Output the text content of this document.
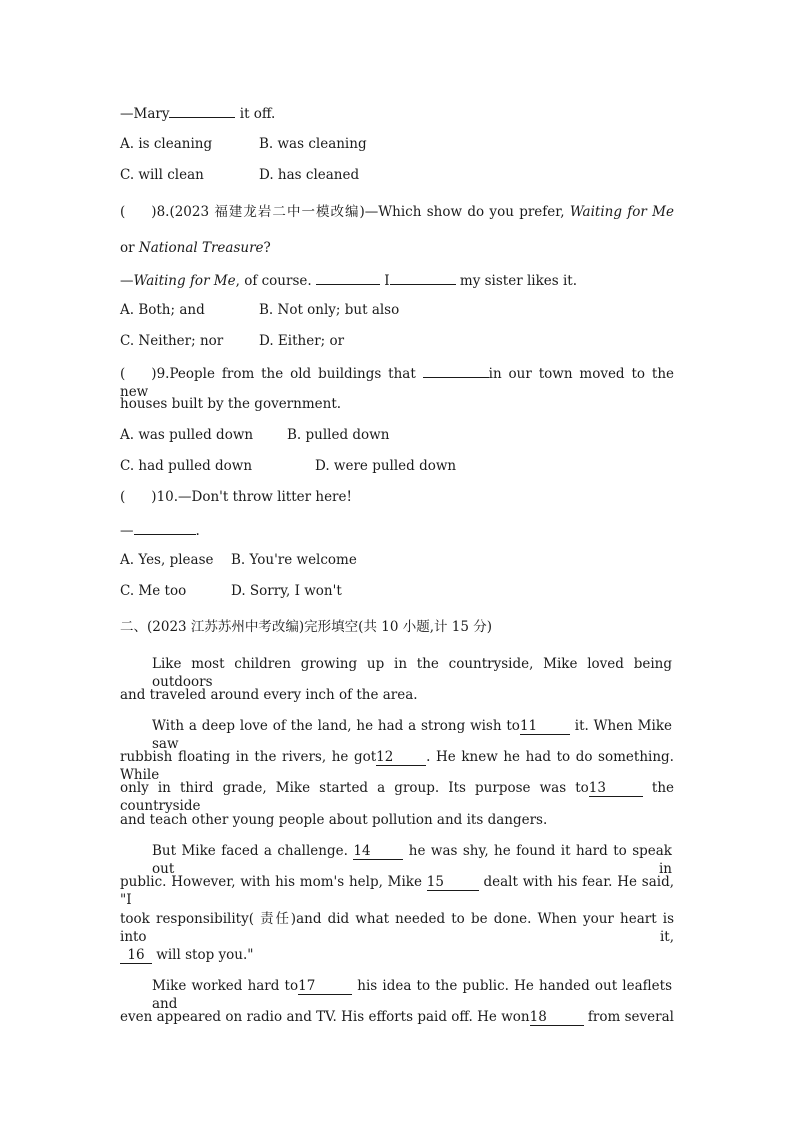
—Mary	it off.
A. is cleaning	B. was cleaning
C. will clean	D. has cleaned
( )8.(2023 福建龙岩二中一模改编)—Which show do you prefer, Waiting for Me
or National Treasure?
—Waiting for Me, of course.	I	my sister likes it.
A. Both; and	B. Not only; but also
C. Neither; nor	D. Either; or
( )9.People from the old buildings that	in our town moved to the new
houses built by the government.
A. was pulled down	B. pulled down
C. had pulled down	D. were pulled down
( )10.—Don't throw litter here!
—	.
A. Yes, please B. You're welcome
C. Me too	D. Sorry, I won't
二、(2023 江苏苏州中考改编)完形填空(共 10 小题,计 15 分)
Like most children growing up in the countryside, Mike loved being outdoors
and traveled around every inch of the area.
With a deep love of the land, he had a strong wish to11 it. When Mike saw
rubbish floating in the rivers, he got12 . He knew he had to do something. While
only in third grade, Mike started a group. Its purpose was to13	the countryside
and teach other young people about pollution and its dangers.
But Mike faced a challenge. 14 he was shy, he found it hard to speak out in
public. However, with his mom's help, Mike 15	dealt with his fear. He said, "I
took responsibility( 责任)and did what needed to be done. When your heart is into it,
16 will stop you."
Mike worked hard to17	his idea to the public. He handed out leaflets and
even appeared on radio and TV. His efforts paid off. He won18	from several
